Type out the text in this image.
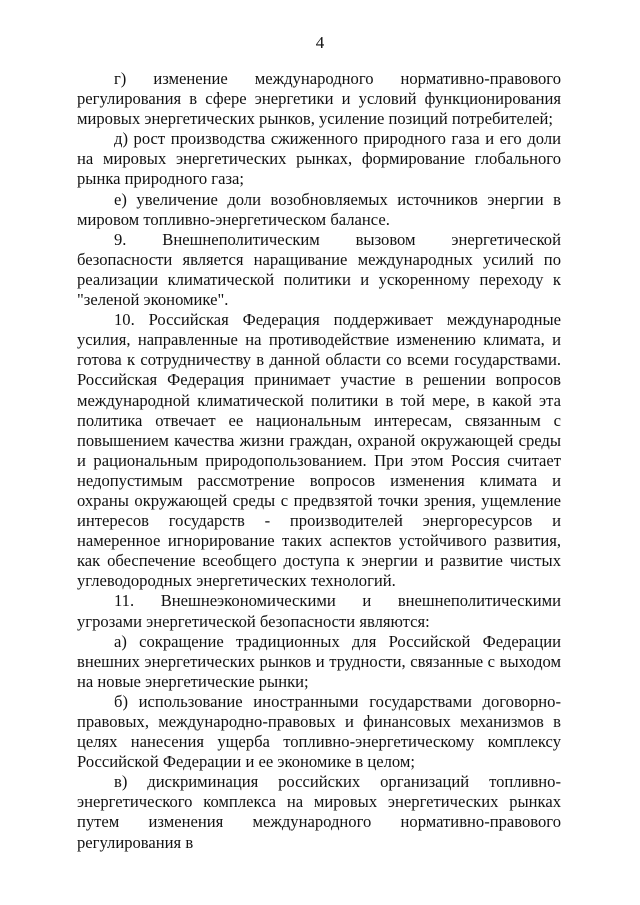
4

г) изменение международного нормативно-правового регулирования в сфере энергетики и условий функционирования мировых энергетических рынков, усиление позиций потребителей;

д) рост производства сжиженного природного газа и его доли на мировых энергетических рынках, формирование глобального рынка природного газа;

е) увеличение доли возобновляемых источников энергии в мировом топливно-энергетическом балансе.

9. Внешнеполитическим вызовом энергетической безопасности является наращивание международных усилий по реализации климатической политики и ускоренному переходу к "зеленой экономике".

10. Российская Федерация поддерживает международные усилия, направленные на противодействие изменению климата, и готова к сотрудничеству в данной области со всеми государствами. Российская Федерация принимает участие в решении вопросов международной климатической политики в той мере, в какой эта политика отвечает ее национальным интересам, связанным с повышением качества жизни граждан, охраной окружающей среды и рациональным природопользованием. При этом Россия считает недопустимым рассмотрение вопросов изменения климата и охраны окружающей среды с предвзятой точки зрения, ущемление интересов государств - производителей энергоресурсов и намеренное игнорирование таких аспектов устойчивого развития, как обеспечение всеобщего доступа к энергии и развитие чистых углеводородных энергетических технологий.

11. Внешнеэкономическими и внешнеполитическими угрозами энергетической безопасности являются:

а) сокращение традиционных для Российской Федерации внешних энергетических рынков и трудности, связанные с выходом на новые энергетические рынки;

б) использование иностранными государствами договорно-правовых, международно-правовых и финансовых механизмов в целях нанесения ущерба топливно-энергетическому комплексу Российской Федерации и ее экономике в целом;

в) дискриминация российских организаций топливно-энергетического комплекса на мировых энергетических рынках путем изменения международного нормативно-правового регулирования в
